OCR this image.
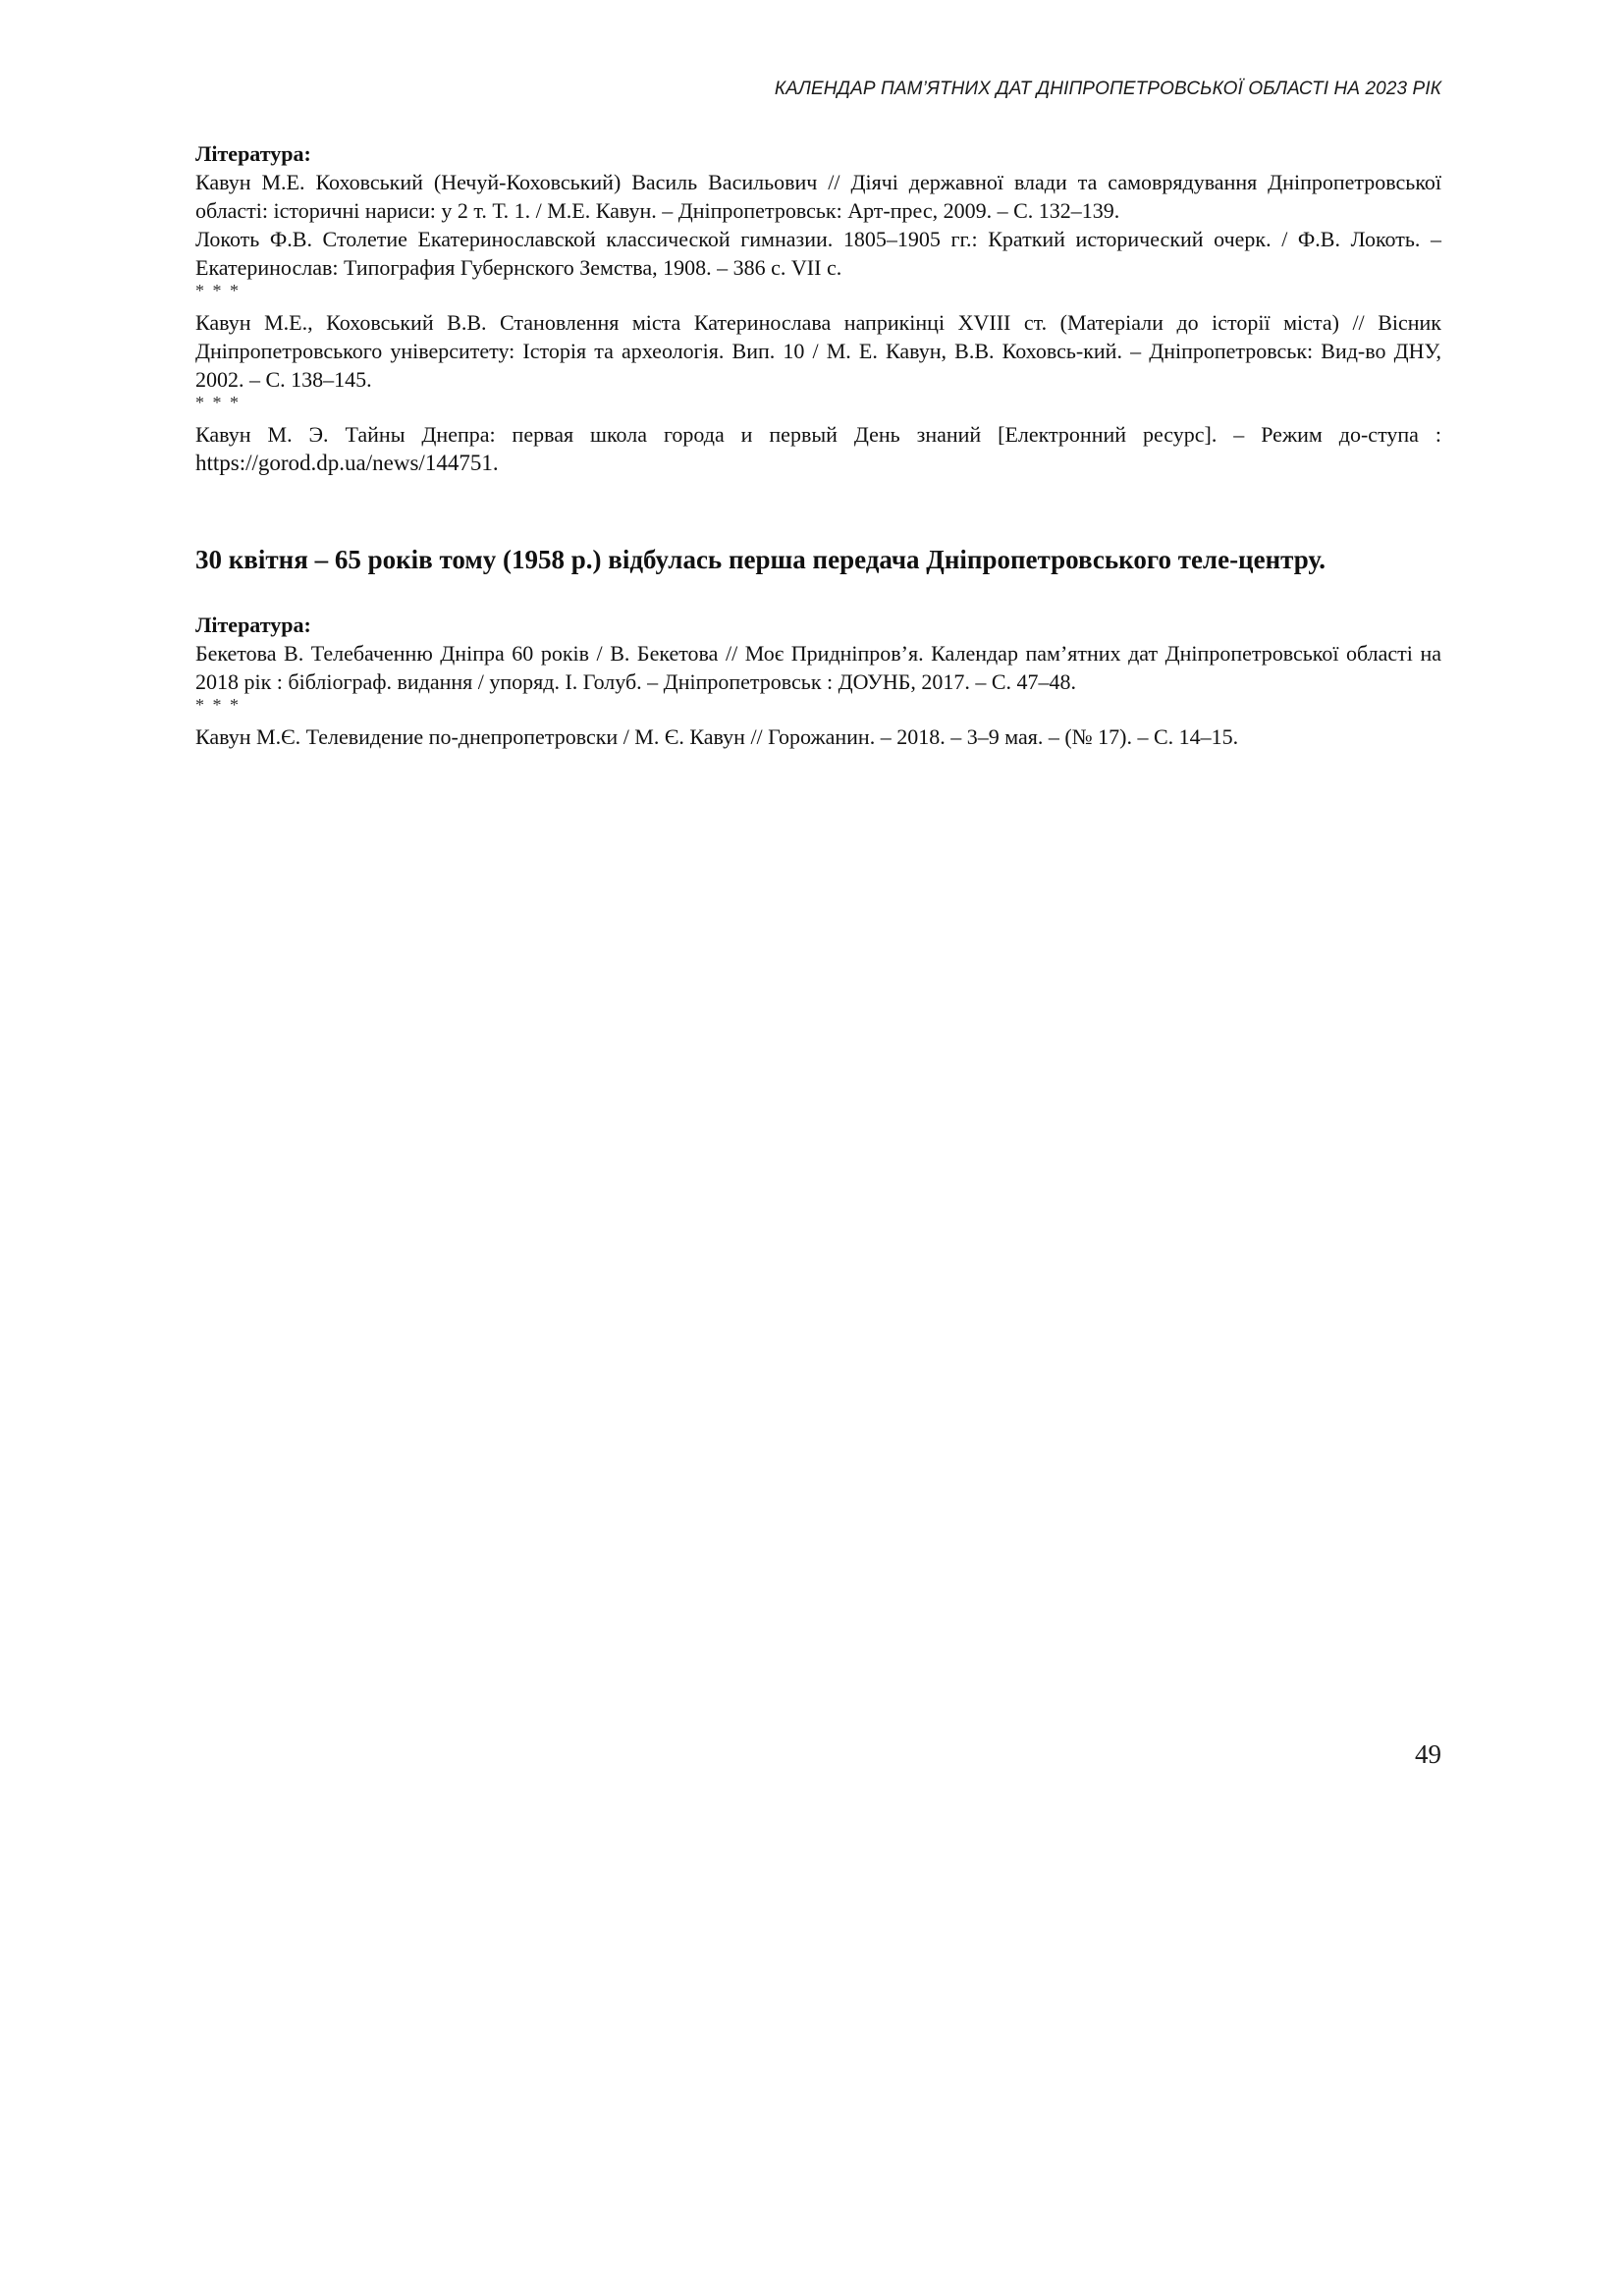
КАЛЕНДАР ПАМ’ЯТНИХ ДАТ ДНІПРОПЕТРОВСЬКОЇ ОБЛАСТІ НА 2023 РІК

Література:

Кавун М.Е. Коховський (Нечуй-Коховський) Василь Васильович // Діячі державної влади та самоврядування Дніпропетровської області: історичні нариси: у 2 т. Т. 1. / М.Е. Кавун. – Дніпропетровськ: Арт-прес, 2009. – С. 132–139.

Локоть Ф.В. Столетие Екатеринославской классической гимназии. 1805–1905 гг.: Краткий исторический очерк. / Ф.В. Локоть. – Екатеринослав: Типография Губернского Земства, 1908. – 386 с. VII с.

* * *

Кавун М.Е., Коховський В.В. Становлення міста Катеринослава наприкінці XVIII ст. (Матеріали до історії міста) // Вісник Дніпропетровського університету: Історія та археологія. Вип. 10 / М. Е. Кавун, В.В. Коховсь-кий. – Дніпропетровськ: Вид-во ДНУ, 2002. – С. 138–145.

* * *

Кавун М. Э. Тайны Днепра: первая школа города и первый День знаний [Електронний ресурс]. – Режим до-ступа : https://gorod.dp.ua/news/144751.

30 квітня – 65 років тому (1958 р.) відбулась перша передача Дніпропетровського теле-центру.

Література:

Бекетова В. Телебаченню Дніпра 60 років / В. Бекетова // Моє Придніпров’я. Календар пам’ятних дат Дніпропетровської області на 2018 рік : бібліограф. видання / упоряд. І. Голуб. – Дніпропетровськ : ДОУНБ, 2017. – С. 47–48.

* * *

Кавун М.Є. Телевидение по-днепропетровски / М. Є. Кавун // Горожанин. – 2018. – 3–9 мая. – (№ 17). – С. 14–15.

49
